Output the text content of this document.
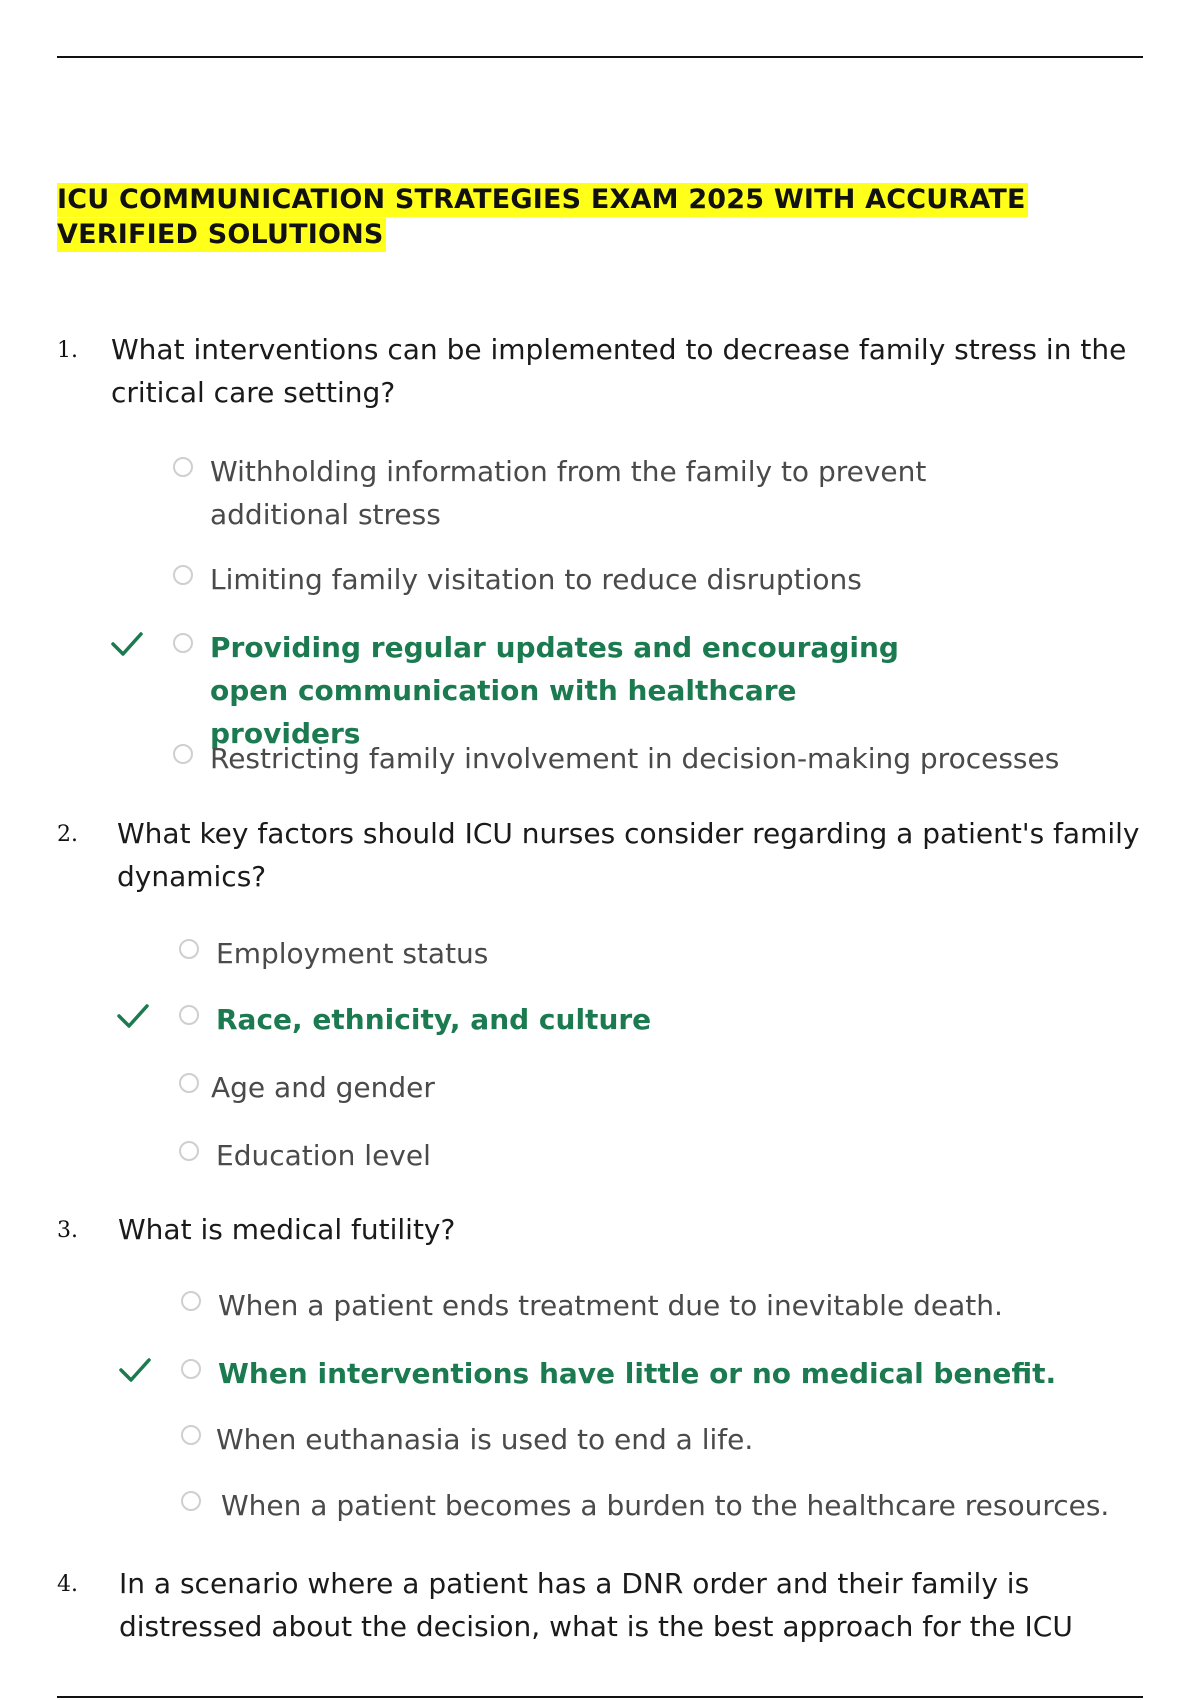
ICU COMMUNICATION STRATEGIES EXAM 2025 WITH ACCURATE
VERIFIED SOLUTIONS
1. What interventions can be implemented to decrease family stress in the critical care setting?
Withholding information from the family to prevent additional stress
Limiting family visitation to reduce disruptions
Providing regular updates and encouraging open communication with healthcare providers
Restricting family involvement in decision-making processes
2. What key factors should ICU nurses consider regarding a patient's family dynamics?
Employment status
Race, ethnicity, and culture
Age and gender
Education level
3. What is medical futility?
When a patient ends treatment due to inevitable death.
When interventions have little or no medical benefit.
When euthanasia is used to end a life.
When a patient becomes a burden to the healthcare resources.
4. In a scenario where a patient has a DNR order and their family is distressed about the decision, what is the best approach for the ICU
